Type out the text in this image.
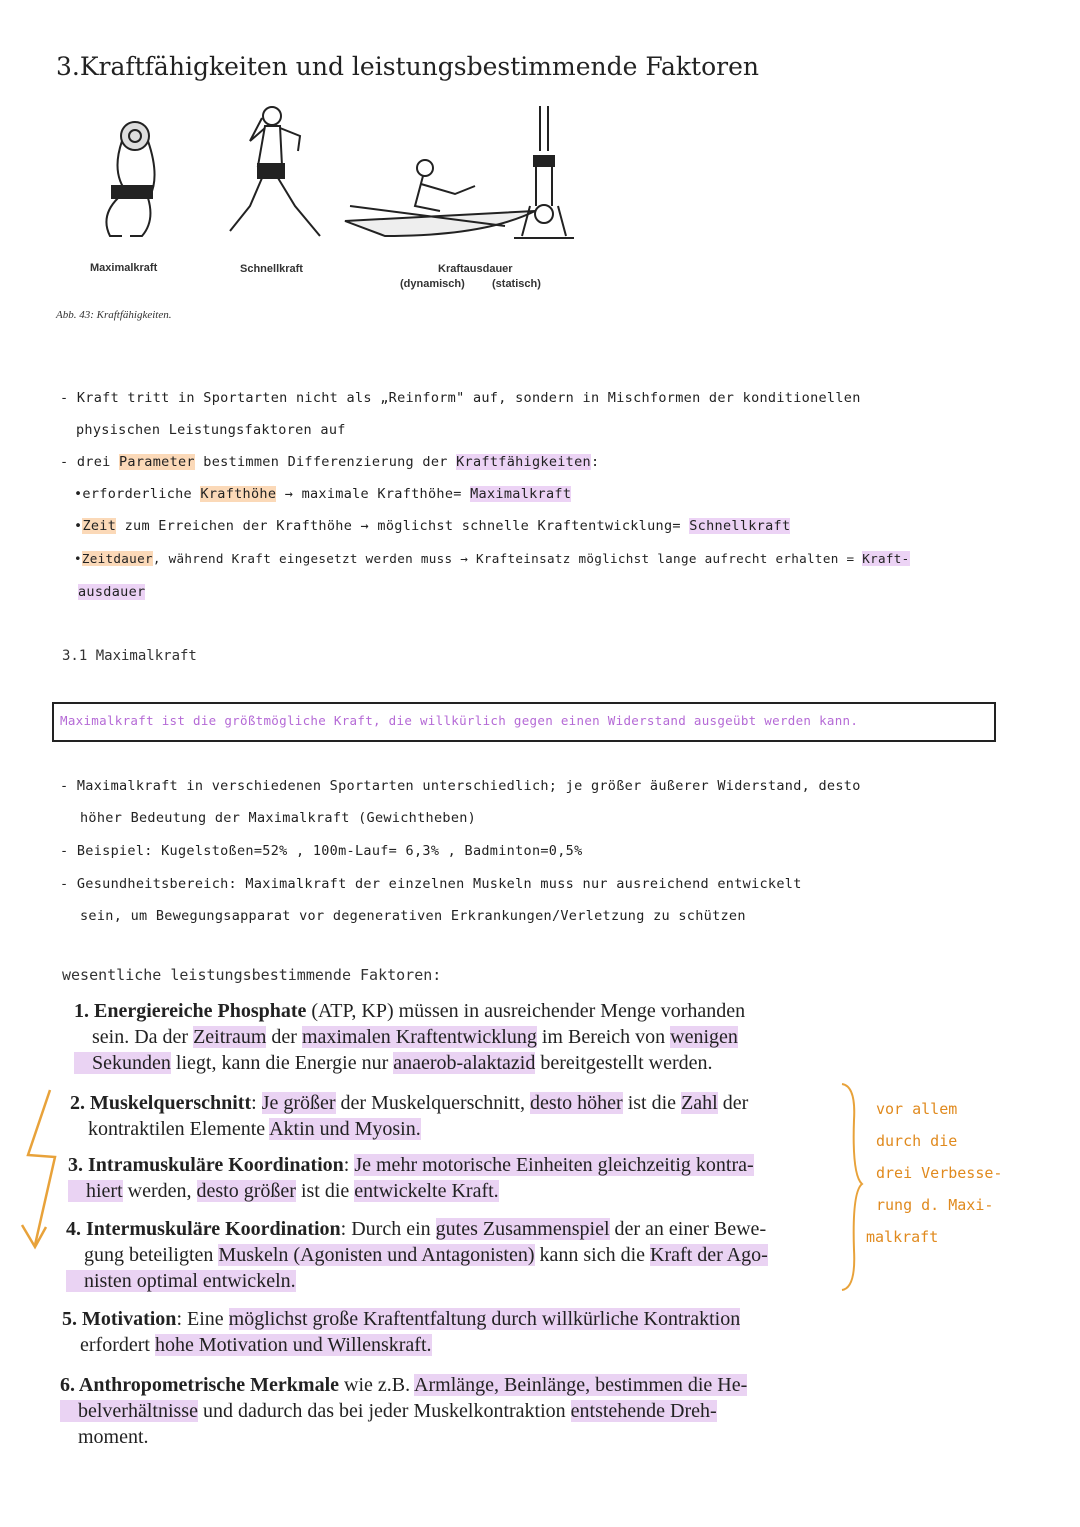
3.Kraftfähigkeiten und leistungsbestimmende Faktoren
Maximalkraft	Schnellkraft	Kraftausdauer
(dynamisch) (statisch)
Abb. 43: Kraftfähigkeiten.
- Kraft tritt in Sportarten nicht als „Reinform" auf, sondern in Mischformen der konditionellen
physischen Leistungsfaktoren auf
- drei Parameter bestimmen Differenzierung der Kraftfähigkeiten:
•erforderliche Krafthöhe → maximale Krafthöhe= Maximalkraft
•Zeit zum Erreichen der Krafthöhe → möglichst schnelle Kraftentwicklung= Schnellkraft
•Zeitdauer, während Kraft eingesetzt werden muss → Krafteinsatz möglichst lange aufrecht erhalten = Kraft-
ausdauer
3.1 Maximalkraft
Maximalkraft ist die größtmögliche Kraft, die willkürlich gegen einen Widerstand ausgeübt werden kann.
- Maximalkraft in verschiedenen Sportarten unterschiedlich; je größer äußerer Widerstand, desto
höher Bedeutung der Maximalkraft (Gewichtheben)
- Beispiel: Kugelstoßen=52% , 100m-Lauf= 6,3% , Badminton=0,5%
- Gesundheitsbereich: Maximalkraft der einzelnen Muskeln muss nur ausreichend entwickelt
sein, um Bewegungsapparat vor degenerativen Erkrankungen/Verletzung zu schützen
wesentliche leistungsbestimmende Faktoren:
1. Energiereiche Phosphate (ATP, KP) müssen in ausreichender Menge vorhanden
sein. Da der Zeitraum der maximalen Kraftentwicklung im Bereich von wenigen
Sekunden liegt, kann die Energie nur anaerob-alaktazid bereitgestellt werden.
2. Muskelquerschnitt: Je größer der Muskelquerschnitt, desto höher ist die Zahl der
kontraktilen Elemente Aktin und Myosin.
3. Intramuskuläre Koordination: Je mehr motorische Einheiten gleichzeitig kontra-
hiert werden, desto größer ist die entwickelte Kraft.
4. Intermuskuläre Koordination: Durch ein gutes Zusammenspiel der an einer Bewe-
gung beteiligten Muskeln (Agonisten und Antagonisten) kann sich die Kraft der Ago-
nisten optimal entwickeln.
5. Motivation: Eine möglichst große Kraftentfaltung durch willkürliche Kontraktion
erfordert hohe Motivation und Willenskraft.
6. Anthropometrische Merkmale wie z.B. Armlänge, Beinlänge, bestimmen die He-
belverhältnisse und dadurch das bei jeder Muskelkontraktion entstehende Dreh-
moment.
vor allem
durch die
drei Verbesse-
rung d. Maxi-
malkraft
